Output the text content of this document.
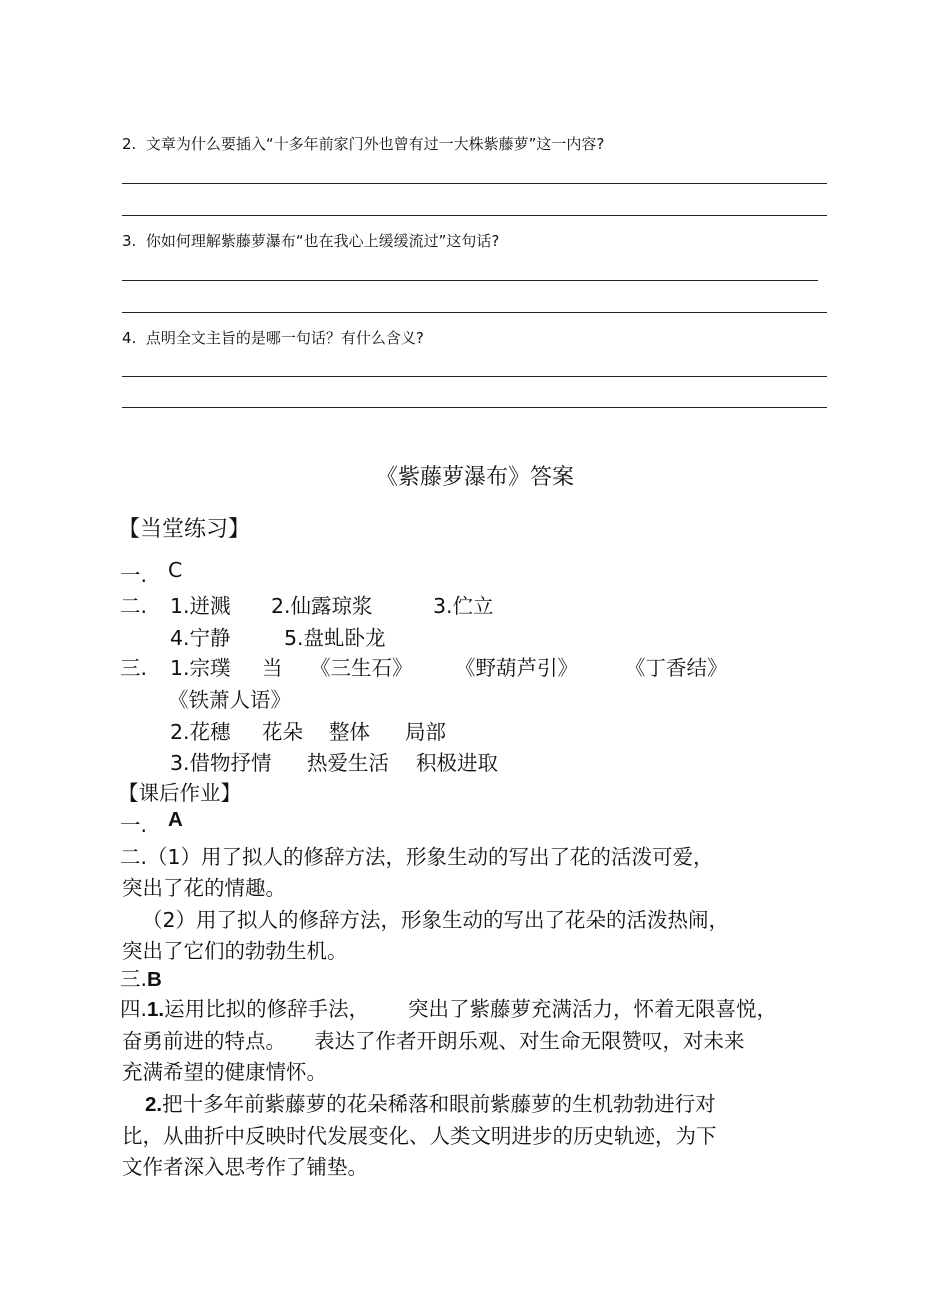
2. 文章为什么要插入“十多年前家门外也曾有过一大株紫藤萝”这一内容?
3. 你如何理解紫藤萝瀑布“也在我心上缓缓流过”这句话?
4. 点明全文主旨的是哪一句话？有什么含义?
《紫藤萝瀑布》答案
【当堂练习】
一. C
二. 1.迸溅 2.仙露琼浆	3.伫立
4.宁静	5.盘虬卧龙
三. 1.宗璞 当 《三生石》 《野葫芦引》 《丁香结》
《铁萧人语》
2.花穗 花朵 整体 局部
3.借物抒情 热爱生活 积极进取
【课后作业】
一. A
二.（1）用了拟人的修辞方法，形象生动的写出了花的活泼可爱，
突出了花的情趣。
（2）用了拟人的修辞方法，形象生动的写出了花朵的活泼热闹，
突出了它们的勃勃生机。
三.B
四.1.运用比拟的修辞手法， 突出了紫藤萝充满活力，怀着无限喜悦，
奋勇前进的特点。 表达了作者开朗乐观、对生命无限赞叹，对未来
充满希望的健康情怀。
2.把十多年前紫藤萝的花朵稀落和眼前紫藤萝的生机勃勃进行对
比，从曲折中反映时代发展变化、人类文明进步的历史轨迹，为下
文作者深入思考作了铺垫。
